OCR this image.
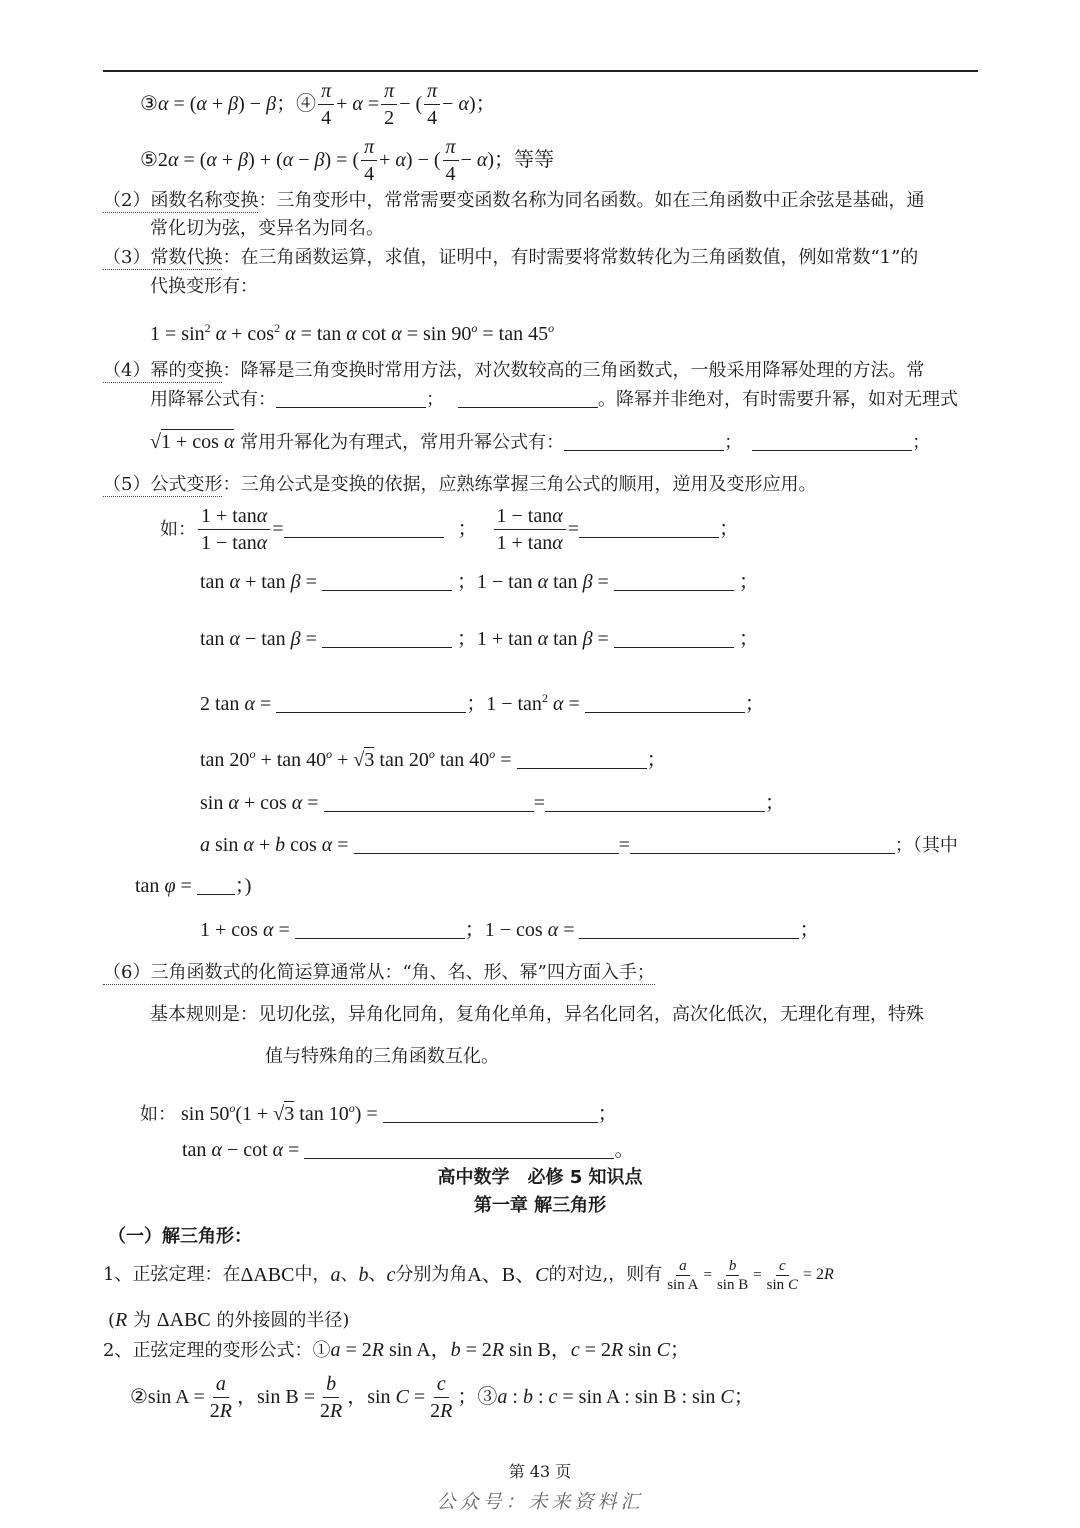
③α = (α + β) − β；④ $\frac{\pi}{4} + \alpha = \frac{\pi}{2}$ − ( $\frac{\pi}{4} - \alpha$)；
⑤2α = (α + β) + (α − β) = ( $\frac{\pi}{4} + \alpha$) − ( $\frac{\pi}{4} - \alpha$) ；等等
（2）函数名称变换：三角变形中，常常需要变函数名称为同名函数。如在三角函数中正余弦是基础，通
常化切为弦，变异名为同名。
（3）常数代换：在三角函数运算，求值，证明中，有时需要将常数转化为三角函数值，例如常数“1”的
代换变形有：
$1 = \sin^2 \alpha + \cos^2 \alpha = \tan \alpha$ $\cot \alpha = \sin 90^o = \tan 45^o$
（4）幂的变换：降幂是三角变换时常用方法，对次数较高的三角函数式，一般采用降幂处理的方法。常
用降幂公式有：	；	。降幂并非绝对，有时需要升幂，如对无理式
√1 + cos α 常用升幂化为有理式，常用升幂公式有：	；	；
（5）公式变形：三角公式是变换的依据，应熟练掌握三角公式的顺用，逆用及变形应用。
如： $\frac{1 + \tan\alpha}{1 - \tan\alpha}$ =	； $\frac{1 - \tan\alpha}{1 + \tan\alpha}$ =	；
tan α + tan β =	；1 − tan α tan β =	；
tan α − tan β =	；1 + tan α tan β =	；
2 tan α =	；$1 - \tan^2 \alpha$ =	；
$\tan 20^o + \tan 40^o + √3$ tan 20$^o$ $\tan 40^o$ =	；
sin α + cos α =	=	；
a sin α + b cos α =	=	；（其中
tan φ = ；)
1 + cos α =	；1 − cos α =	；
（6）三角函数式的化简运算通常从：“角、名、形、幂”四方面入手；
基本规则是：见切化弦，异角化同角，复角化单角，异名化同名，高次化低次，无理化有理，特殊
值与特殊角的三角函数互化。
如： $\sin 50^o(1 + √3$ $\tan 10^o$) =	；
tan α − cot α =	。
高中数学　必修 5 知识点
第一章 解三角形
（一）解三角形：
1、正弦定理：在 ΔABC 中， a 、 b 、 c 分别为角 A、B、C 的对边,，则有 $\frac{a}{\text{sin A}} = \frac{b}{\text{sin B}} = \frac{c}{\text{sin C}} = 2R$
(R 为 ΔABC 的外接圆的半径)
2、正弦定理的变形公式：①a = 2R sin A，b = 2R sin B，c = 2R sin C；
②sin $A = \frac{a}{2R}$ ，$\sin B = \frac{b}{2R}$ ，$\sin C = \frac{c}{2R}$ ；③a : b : c = sin A : sin B : sin C；
第 43 页
公众号：未来资料汇
